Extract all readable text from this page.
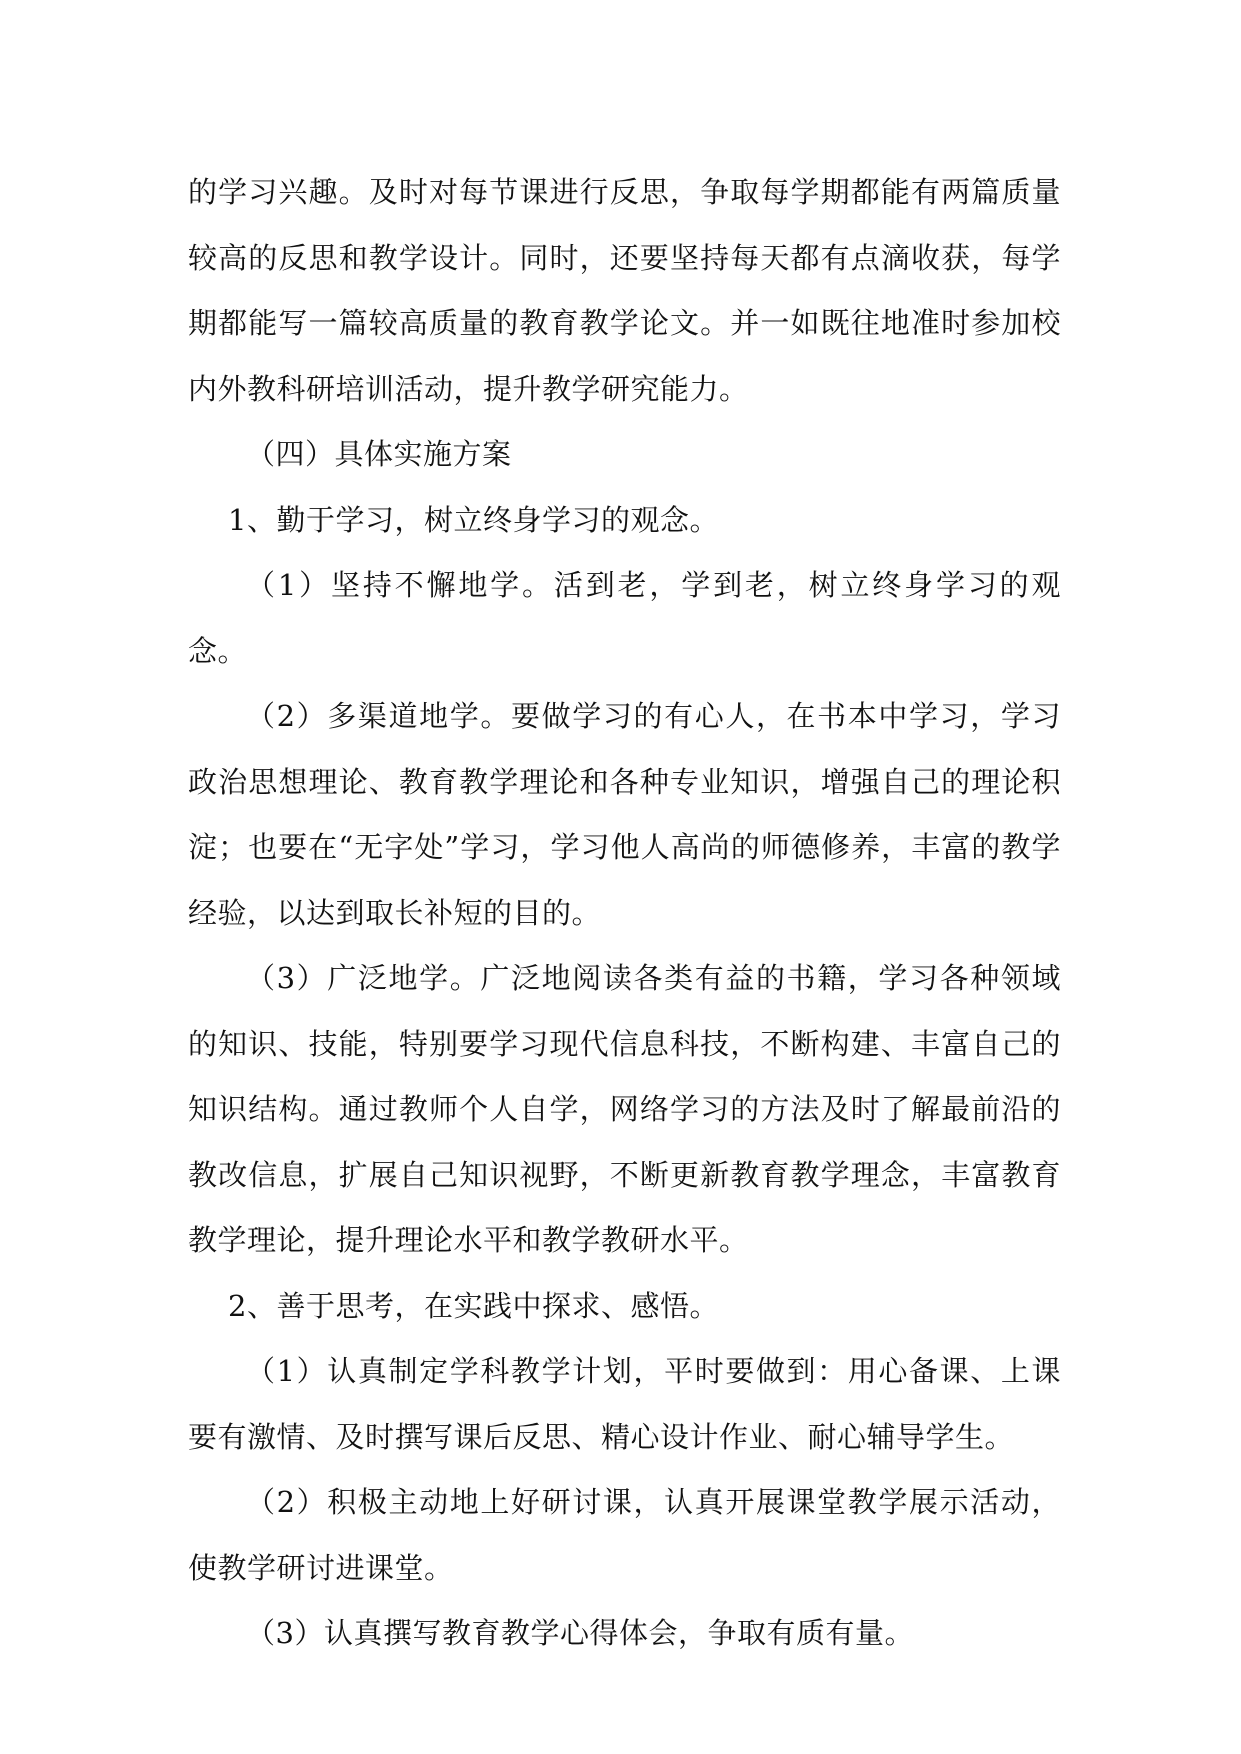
的学习兴趣。及时对每节课进行反思，争取每学期都能有两篇质量较高的反思和教学设计。同时，还要坚持每天都有点滴收获，每学期都能写一篇较高质量的教育教学论文。并一如既往地准时参加校内外教科研培训活动，提升教学研究能力。

（四）具体实施方案

1、勤于学习，树立终身学习的观念。

（1）坚持不懈地学。活到老，学到老，树立终身学习的观念。

（2）多渠道地学。要做学习的有心人，在书本中学习，学习政治思想理论、教育教学理论和各种专业知识，增强自己的理论积淀；也要在“无字处”学习，学习他人高尚的师德修养，丰富的教学经验，以达到取长补短的目的。

（3）广泛地学。广泛地阅读各类有益的书籍，学习各种领域的知识、技能，特别要学习现代信息科技，不断构建、丰富自己的知识结构。通过教师个人自学，网络学习的方法及时了解最前沿的教改信息，扩展自己知识视野，不断更新教育教学理念，丰富教育教学理论，提升理论水平和教学教研水平。

2、善于思考，在实践中探求、感悟。

（1）认真制定学科教学计划，平时要做到：用心备课、上课要有激情、及时撰写课后反思、精心设计作业、耐心辅导学生。

（2）积极主动地上好研讨课，认真开展课堂教学展示活动，使教学研讨进课堂。

（3）认真撰写教育教学心得体会，争取有质有量。
